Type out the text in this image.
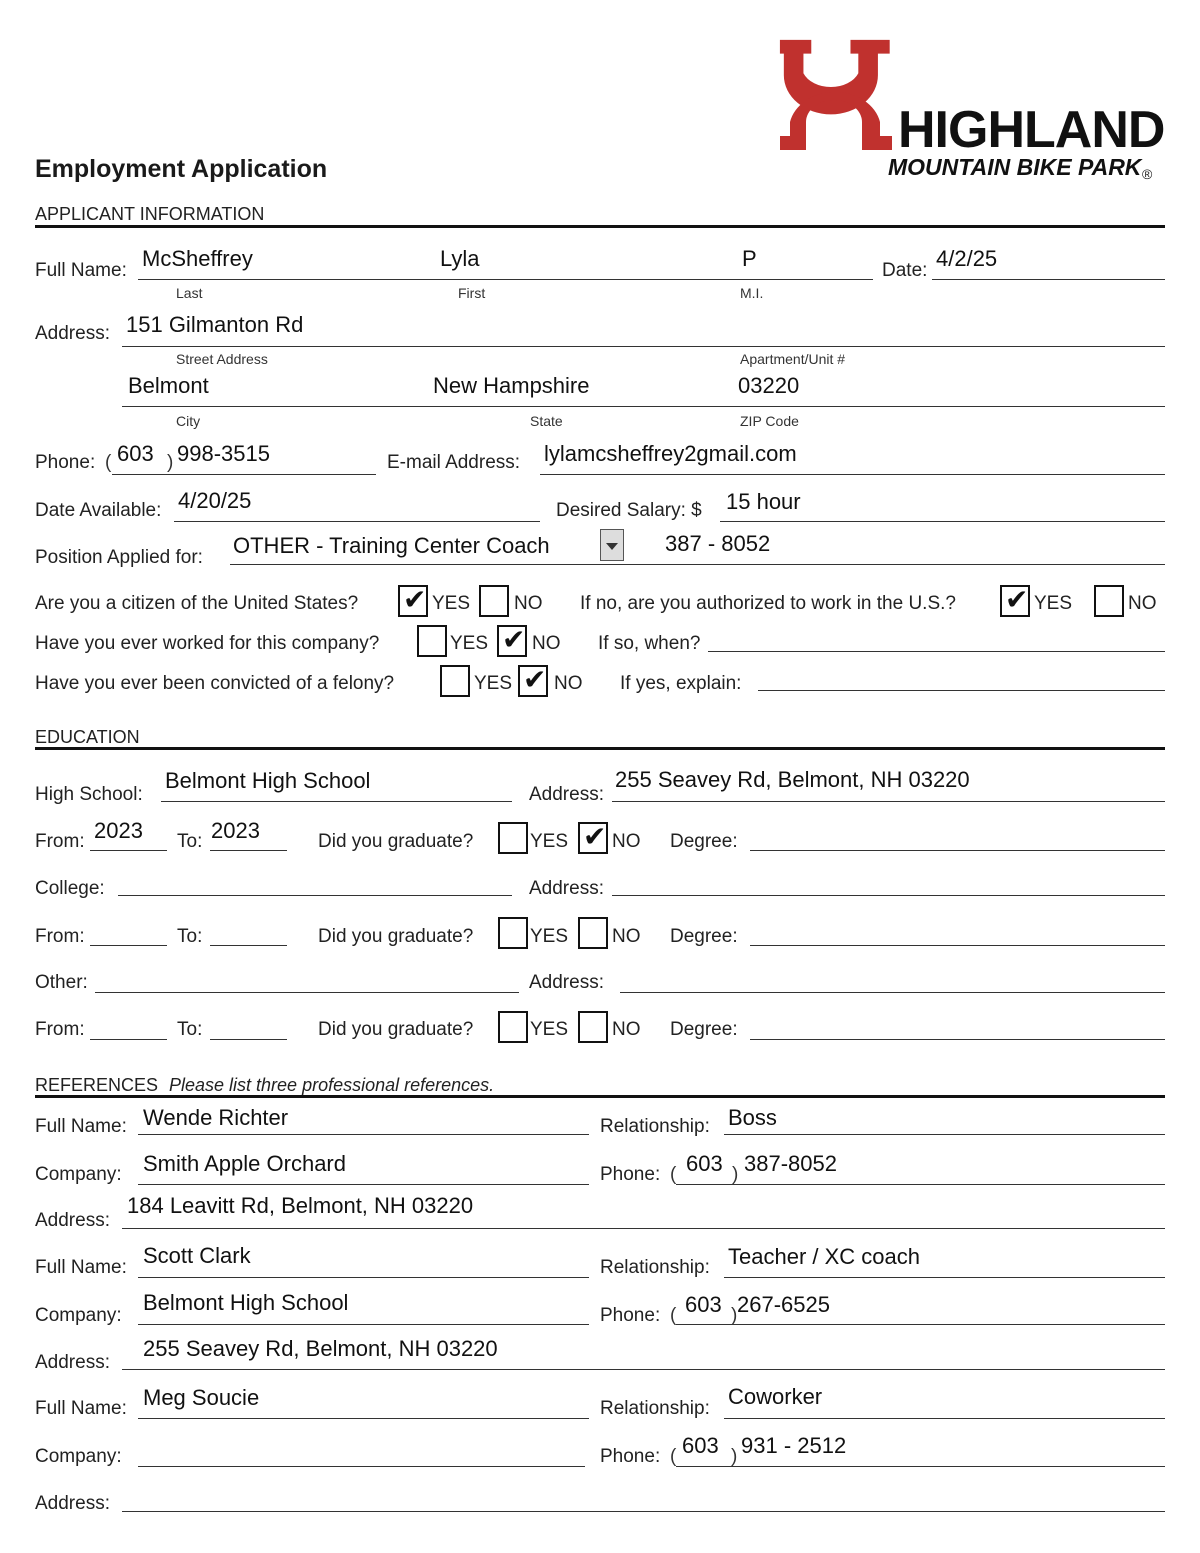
HIGHLAND
MOUNTAIN BIKE PARK ®
Employment Application
APPLICANT INFORMATION
Full Name: McSheffrey	Lyla	P	Date: 4/2/25
Last	First	M.I.
Address: 151 Gilmanton Rd
Street Address	Apartment/Unit #
Belmont	New Hampshire	03220
City	State	ZIP Code
Phone: ( 603 ) 998-3515	E-mail Address: lylamcsheffrey2gmail.com
Date Available: 4/20/25	Desired Salary: $ 15 hour
Position Applied for: OTHER - Training Center Coach	387 - 8052
Are you a citizen of the United States? ✔ YES NO If no, are you authorized to work in the U.S.? ✔ YES	NO
Have you ever worked for this company?	YES ✔ NO If so, when?
Have you ever been convicted of a felony?	YES ✔ NO If yes, explain:
EDUCATION
High School:
Belmont High School
Address:
255 Seavey Rd, Belmont, NH 03220
From: 2023 To: 2023	Did you graduate?	YES ✔ NO Degree:
College:	Address:
From:	To:	Did you graduate?	YES NO Degree:
Other:	Address:
From:	To:	Did you graduate?	YES NO Degree:
REFERENCES Please list three professional references.
Full Name: Wende Richter	Relationship: Boss
Company: Smith Apple Orchard	Phone: ( 603 ) 387-8052
Address:
184 Leavitt Rd, Belmont, NH 03220
Full Name: Scott Clark	Relationship: Teacher / XC coach
Company:
Belmont High School
Phone: ( 603 ) 267-6525
Address:
255 Seavey Rd, Belmont, NH 03220
Full Name: Meg Soucie	Relationship: Coworker
Company:	Phone: ( 603 ) 931 - 2512
Address:
